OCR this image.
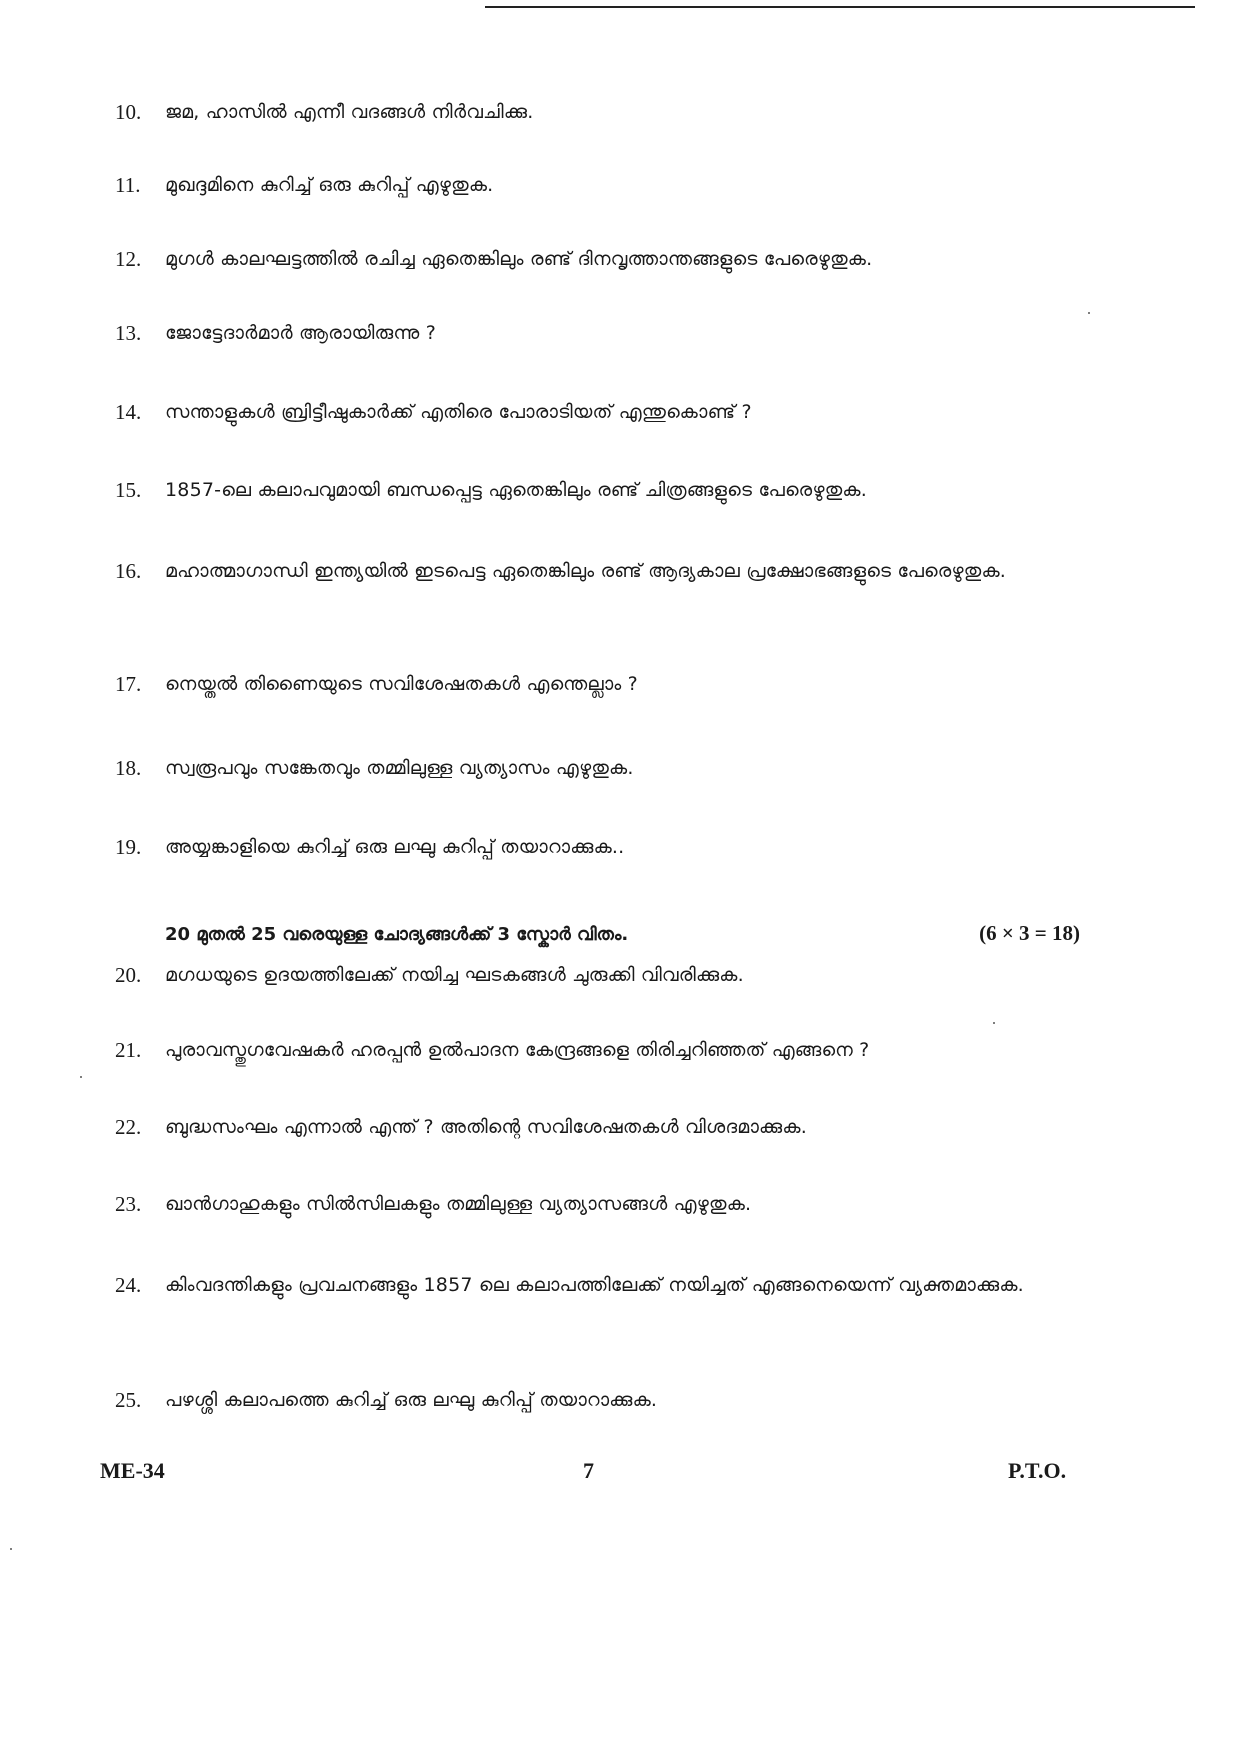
10. ജമ, ഹാസിൽ എന്നീ വദങ്ങൾ നിർവചിക്കു.
11. മുഖദ്ദമിനെ കുറിച്ച് ഒരു കുറിപ്പ് എഴുതുക.
12. മുഗൾ കാലഘട്ടത്തിൽ രചിച്ച ഏതെങ്കിലും രണ്ട് ദിനവൃത്താന്തങ്ങളുടെ പേരെഴുതുക.
13. ജോട്ടേദാർമാർ ആരായിരുന്നു ?
14. സന്താളുകൾ ബ്രിട്ടീഷുകാർക്ക് എതിരെ പോരാടിയത് എന്തുകൊണ്ട് ?
15. 1857-ലെ കലാപവുമായി ബന്ധപ്പെട്ട ഏതെങ്കിലും രണ്ട് ചിത്രങ്ങളുടെ പേരെഴുതുക.
16. മഹാത്മാഗാന്ധി ഇന്ത്യയിൽ ഇടപെട്ട ഏതെങ്കിലും രണ്ട് ആദ്യകാല പ്രക്ഷോഭങ്ങളുടെ പേരെഴുതുക.
17. നെയ്തൽ തിണൈയുടെ സവിശേഷതകൾ എന്തെല്ലാം ?
18. സ്വരൂപവും സങ്കേതവും തമ്മിലുള്ള വ്യത്യാസം എഴുതുക.
19. അയ്യങ്കാളിയെ കുറിച്ച് ഒരു ലഘു കുറിപ്പ് തയാറാക്കുക..
20 മുതൽ 25 വരെയുള്ള ചോദ്യങ്ങൾക്ക് 3 സ്കോർ വിതം.	(6 × 3 = 18)
20. മഗധയുടെ ഉദയത്തിലേക്ക് നയിച്ച ഘടകങ്ങൾ ചുരുക്കി വിവരിക്കുക.
21. പുരാവസ്തുഗവേഷകർ ഹരപ്പൻ ഉൽപാദന കേന്ദ്രങ്ങളെ തിരിച്ചറിഞ്ഞത് എങ്ങനെ ?
22. ബുദ്ധസംഘം എന്നാൽ എന്ത് ? അതിന്റെ സവിശേഷതകൾ വിശദമാക്കുക.
23. ഖാൻഗാഹുകളും സിൽസിലകളും തമ്മിലുള്ള വ്യത്യാസങ്ങൾ എഴുതുക.
24. കിംവദന്തികളും പ്രവചനങ്ങളും 1857 ലെ കലാപത്തിലേക്ക് നയിച്ചത് എങ്ങനെയെന്ന് വ്യക്തമാക്കുക.
25. പഴശ്ശി കലാപത്തെ കുറിച്ച് ഒരു ലഘു കുറിപ്പ് തയാറാക്കുക.
ME-34	7	P.T.O.
